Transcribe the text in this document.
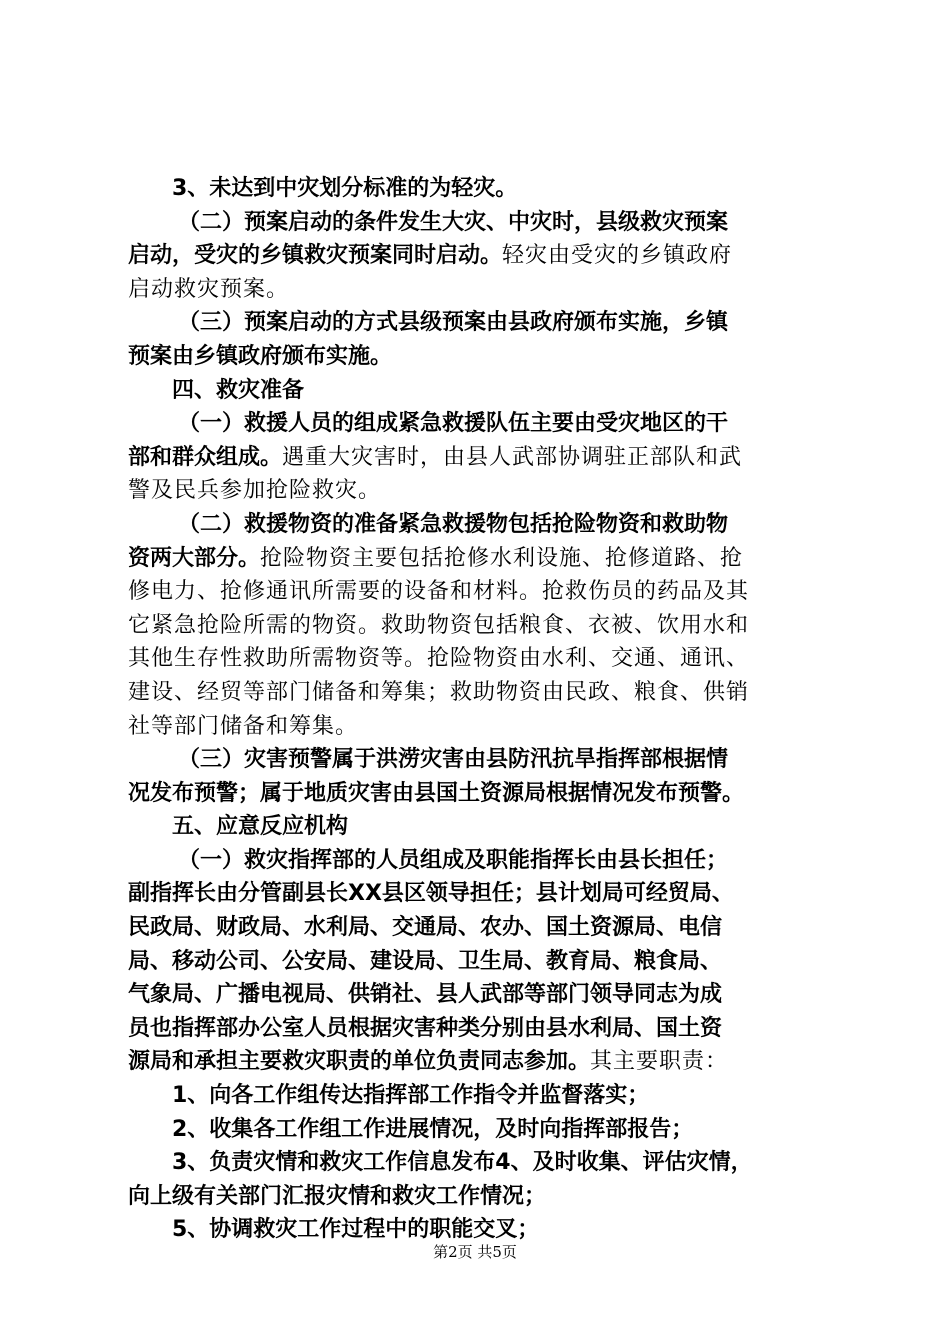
3、未达到中灾划分标准的为轻灾。
（二）预案启动的条件发生大灾、中灾时，县级救灾预案
启动，受灾的乡镇救灾预案同时启动。轻灾由受灾的乡镇政府
启动救灾预案。
（三）预案启动的方式县级预案由县政府颁布实施，乡镇
预案由乡镇政府颁布实施。
四、救灾准备
（一）救援人员的组成紧急救援队伍主要由受灾地区的干
部和群众组成。遇重大灾害时，由县人武部协调驻正部队和武
警及民兵参加抢险救灾。
（二）救援物资的准备紧急救援物包括抢险物资和救助物
资两大部分。抢险物资主要包括抢修水利设施、抢修道路、抢
修电力、抢修通讯所需要的设备和材料。抢救伤员的药品及其
它紧急抢险所需的物资。救助物资包括粮食、衣被、饮用水和
其他生存性救助所需物资等。抢险物资由水利、交通、通讯、
建设、经贸等部门储备和筹集；救助物资由民政、粮食、供销
社等部门储备和筹集。
（三）灾害预警属于洪涝灾害由县防汛抗旱指挥部根据情
况发布预警；属于地质灾害由县国土资源局根据情况发布预警。
五、应意反应机构
（一）救灾指挥部的人员组成及职能指挥长由县长担任；
副指挥长由分管副县长XX县区领导担任；县计划局可经贸局、
民政局、财政局、水利局、交通局、农办、国土资源局、电信
局、移动公司、公安局、建设局、卫生局、教育局、粮食局、
气象局、广播电视局、供销社、县人武部等部门领导同志为成
员也指挥部办公室人员根据灾害种类分别由县水利局、国土资
源局和承担主要救灾职责的单位负责同志参加。其主要职责：
1、向各工作组传达指挥部工作指令并监督落实；
2、收集各工作组工作进展情况，及时向指挥部报告；
3、负责灾情和救灾工作信息发布4、及时收集、评估灾情，
向上级有关部门汇报灾情和救灾工作情况；
5、协调救灾工作过程中的职能交叉；
第2页 共5页
